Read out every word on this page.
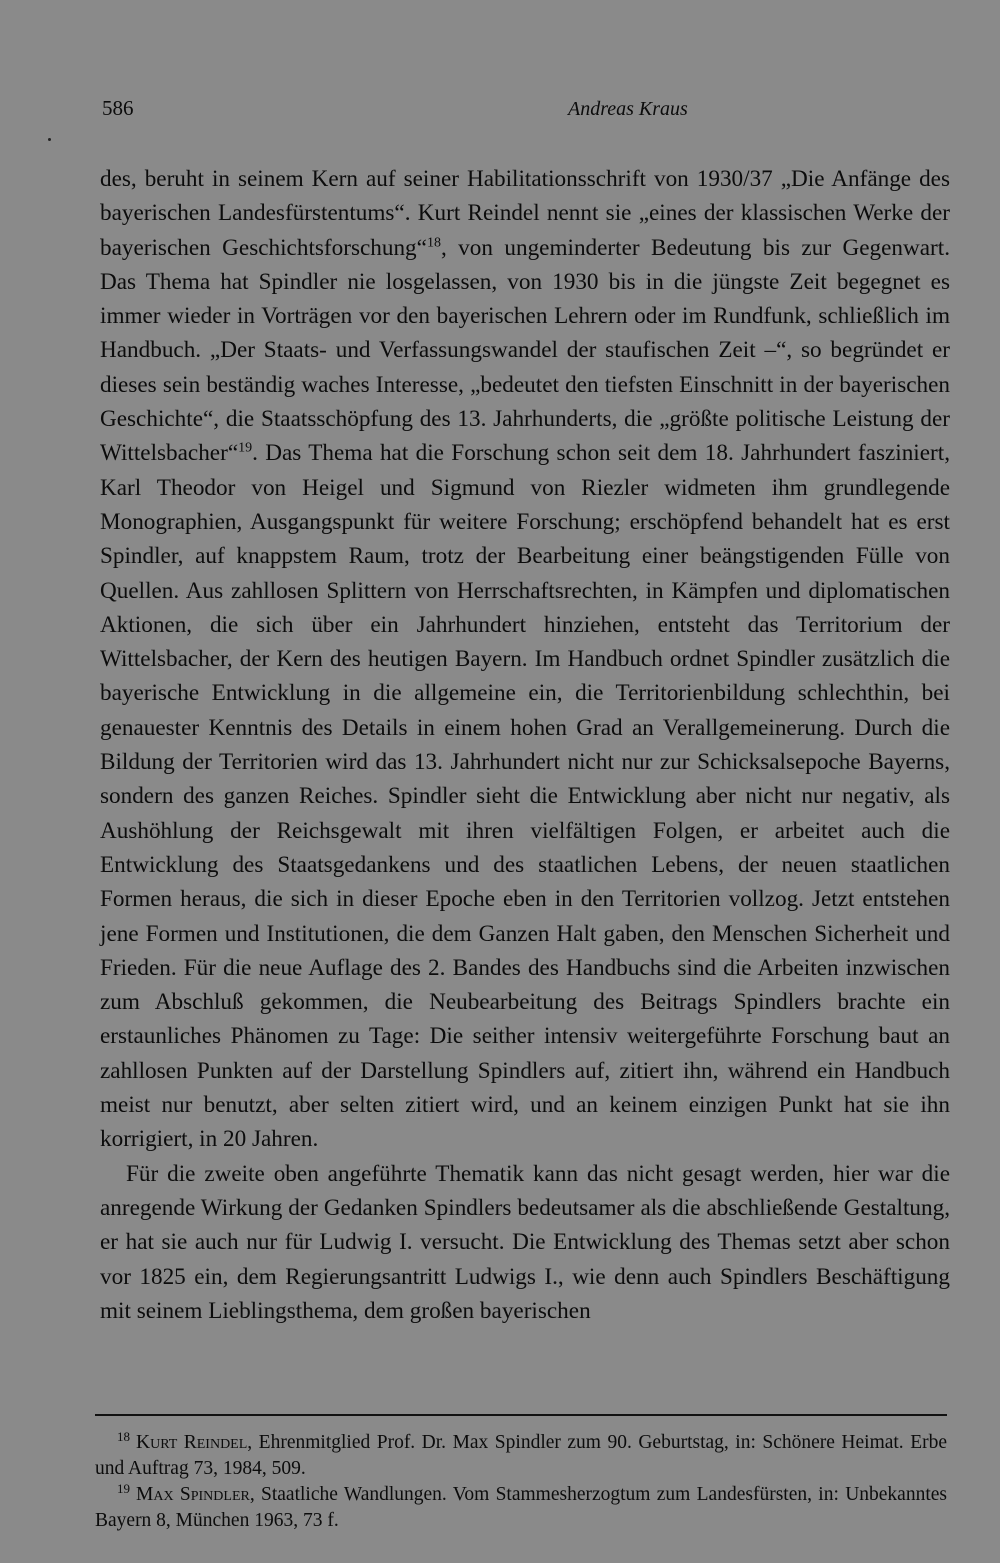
586	Andreas Kraus

des, beruht in seinem Kern auf seiner Habilitationsschrift von 1930/37 „Die Anfänge des bayerischen Landesfürstentums“. Kurt Reindel nennt sie „eines der klassischen Werke der bayerischen Geschichtsforschung“$^{18}$, von ungeminderter Bedeutung bis zur Gegenwart. Das Thema hat Spindler nie losgelassen, von 1930 bis in die jüngste Zeit begegnet es immer wieder in Vorträgen vor den bayerischen Lehrern oder im Rundfunk, schließlich im Handbuch. „Der Staats- und Verfassungswandel der staufischen Zeit –“, so begründet er dieses sein beständig waches Interesse, „bedeutet den tiefsten Einschnitt in der bayerischen Geschichte“, die Staatsschöpfung des 13. Jahrhunderts, die „größte politische Leistung der Wittelsbacher“$^{19}$. Das Thema hat die Forschung schon seit dem 18. Jahrhundert fasziniert, Karl Theodor von Heigel und Sigmund von Riezler widmeten ihm grundlegende Monographien, Ausgangspunkt für weitere Forschung; erschöpfend behandelt hat es erst Spindler, auf knappstem Raum, trotz der Bearbeitung einer beängstigenden Fülle von Quellen. Aus zahllosen Splittern von Herrschaftsrechten, in Kämpfen und diplomatischen Aktionen, die sich über ein Jahrhundert hinziehen, entsteht das Territorium der Wittelsbacher, der Kern des heutigen Bayern. Im Handbuch ordnet Spindler zusätzlich die bayerische Entwicklung in die allgemeine ein, die Territorienbildung schlechthin, bei genauester Kenntnis des Details in einem hohen Grad an Verallgemeinerung. Durch die Bildung der Territorien wird das 13. Jahrhundert nicht nur zur Schicksalsepoche Bayerns, sondern des ganzen Reiches. Spindler sieht die Entwicklung aber nicht nur negativ, als Aushöhlung der Reichsgewalt mit ihren vielfältigen Folgen, er arbeitet auch die Entwicklung des Staatsgedankens und des staatlichen Lebens, der neuen staatlichen Formen heraus, die sich in dieser Epoche eben in den Territorien vollzog. Jetzt entstehen jene Formen und Institutionen, die dem Ganzen Halt gaben, den Menschen Sicherheit und Frieden. Für die neue Auflage des 2. Bandes des Handbuchs sind die Arbeiten inzwischen zum Abschluß gekommen, die Neubearbeitung des Beitrags Spindlers brachte ein erstaunliches Phänomen zu Tage: Die seither intensiv weitergeführte Forschung baut an zahllosen Punkten auf der Darstellung Spindlers auf, zitiert ihn, während ein Handbuch meist nur benutzt, aber selten zitiert wird, und an keinem einzigen Punkt hat sie ihn korrigiert, in 20 Jahren.

Für die zweite oben angeführte Thematik kann das nicht gesagt werden, hier war die anregende Wirkung der Gedanken Spindlers bedeutsamer als die abschließende Gestaltung, er hat sie auch nur für Ludwig I. versucht. Die Entwicklung des Themas setzt aber schon vor 1825 ein, dem Regierungsantritt Ludwigs I., wie denn auch Spindlers Beschäftigung mit seinem Lieblingsthema, dem großen bayerischen

$^{18}$ Kurt Reindel, Ehrenmitglied Prof. Dr. Max Spindler zum 90. Geburtstag, in: Schönere Heimat. Erbe und Auftrag 73, 1984, 509.

$^{19}$ Max Spindler, Staatliche Wandlungen. Vom Stammesherzogtum zum Landesfürsten, in: Unbekanntes Bayern 8, München 1963, 73 f.
